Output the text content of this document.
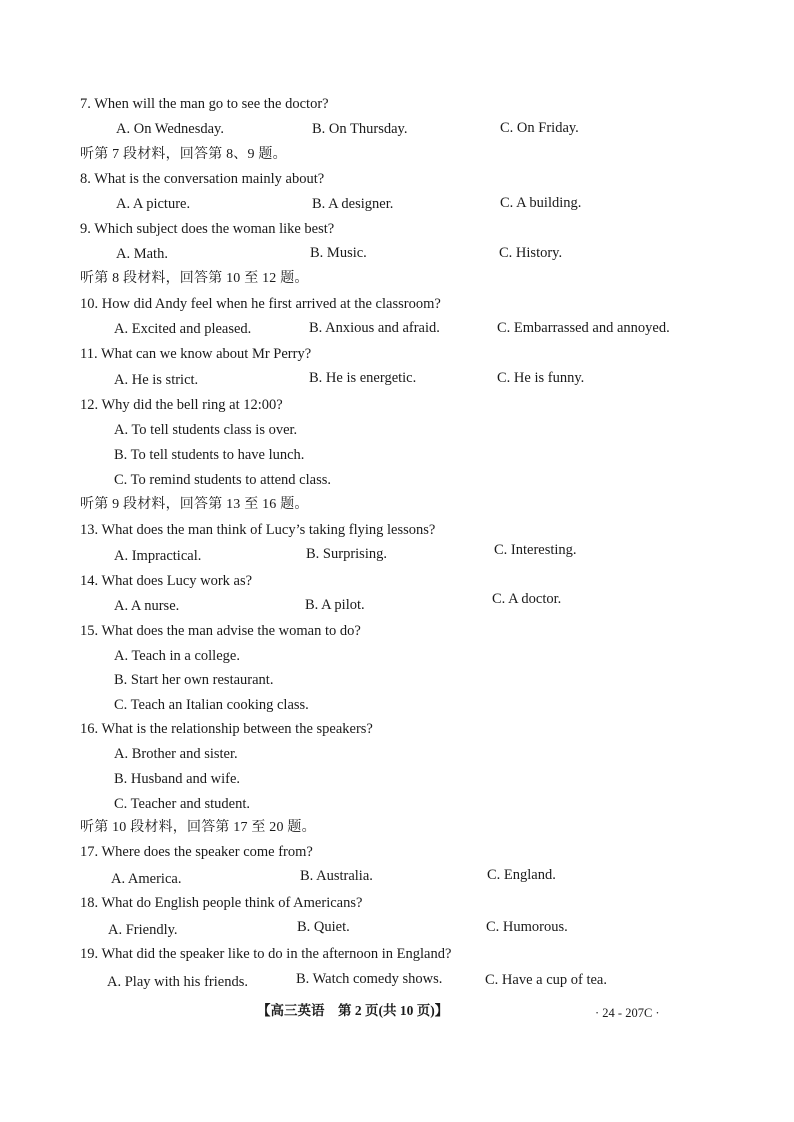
7. When will the man go to see the doctor?
A. On Wednesday.	B. On Thursday.	C. On Friday.
听第 7 段材料，回答第 8、9 题。
8. What is the conversation mainly about?
A. A picture.	B. A designer.	C. A building.
9. Which subject does the woman like best?
A. Math.	B. Music.	C. History.
听第 8 段材料，回答第 10 至 12 题。
10. How did Andy feel when he first arrived at the classroom?
A. Excited and pleased.	B. Anxious and afraid.	C. Embarrassed and annoyed.
11. What can we know about Mr Perry?
A. He is strict.	B. He is energetic.	C. He is funny.
12. Why did the bell ring at 12:00?
A. To tell students class is over.
B. To tell students to have lunch.
C. To remind students to attend class.
听第 9 段材料，回答第 13 至 16 题。
13. What does the man think of Lucy’s taking flying lessons?
A. Impractical.	B. Surprising.	C. Interesting.
14. What does Lucy work as?
A. A nurse.	B. A pilot.	C. A doctor.
15. What does the man advise the woman to do?
A. Teach in a college.
B. Start her own restaurant.
C. Teach an Italian cooking class.
16. What is the relationship between the speakers?
A. Brother and sister.
B. Husband and wife.
C. Teacher and student.
听第 10 段材料，回答第 17 至 20 题。
17. Where does the speaker come from?
A. America.	B. Australia.	C. England.
18. What do English people think of Americans?
A. Friendly.	B. Quiet.	C. Humorous.
19. What did the speaker like to do in the afternoon in England?
A. Play with his friends.	B. Watch comedy shows.	C. Have a cup of tea.
【高三英语　第 2 页(共 10 页)】	· 24 - 207C ·
